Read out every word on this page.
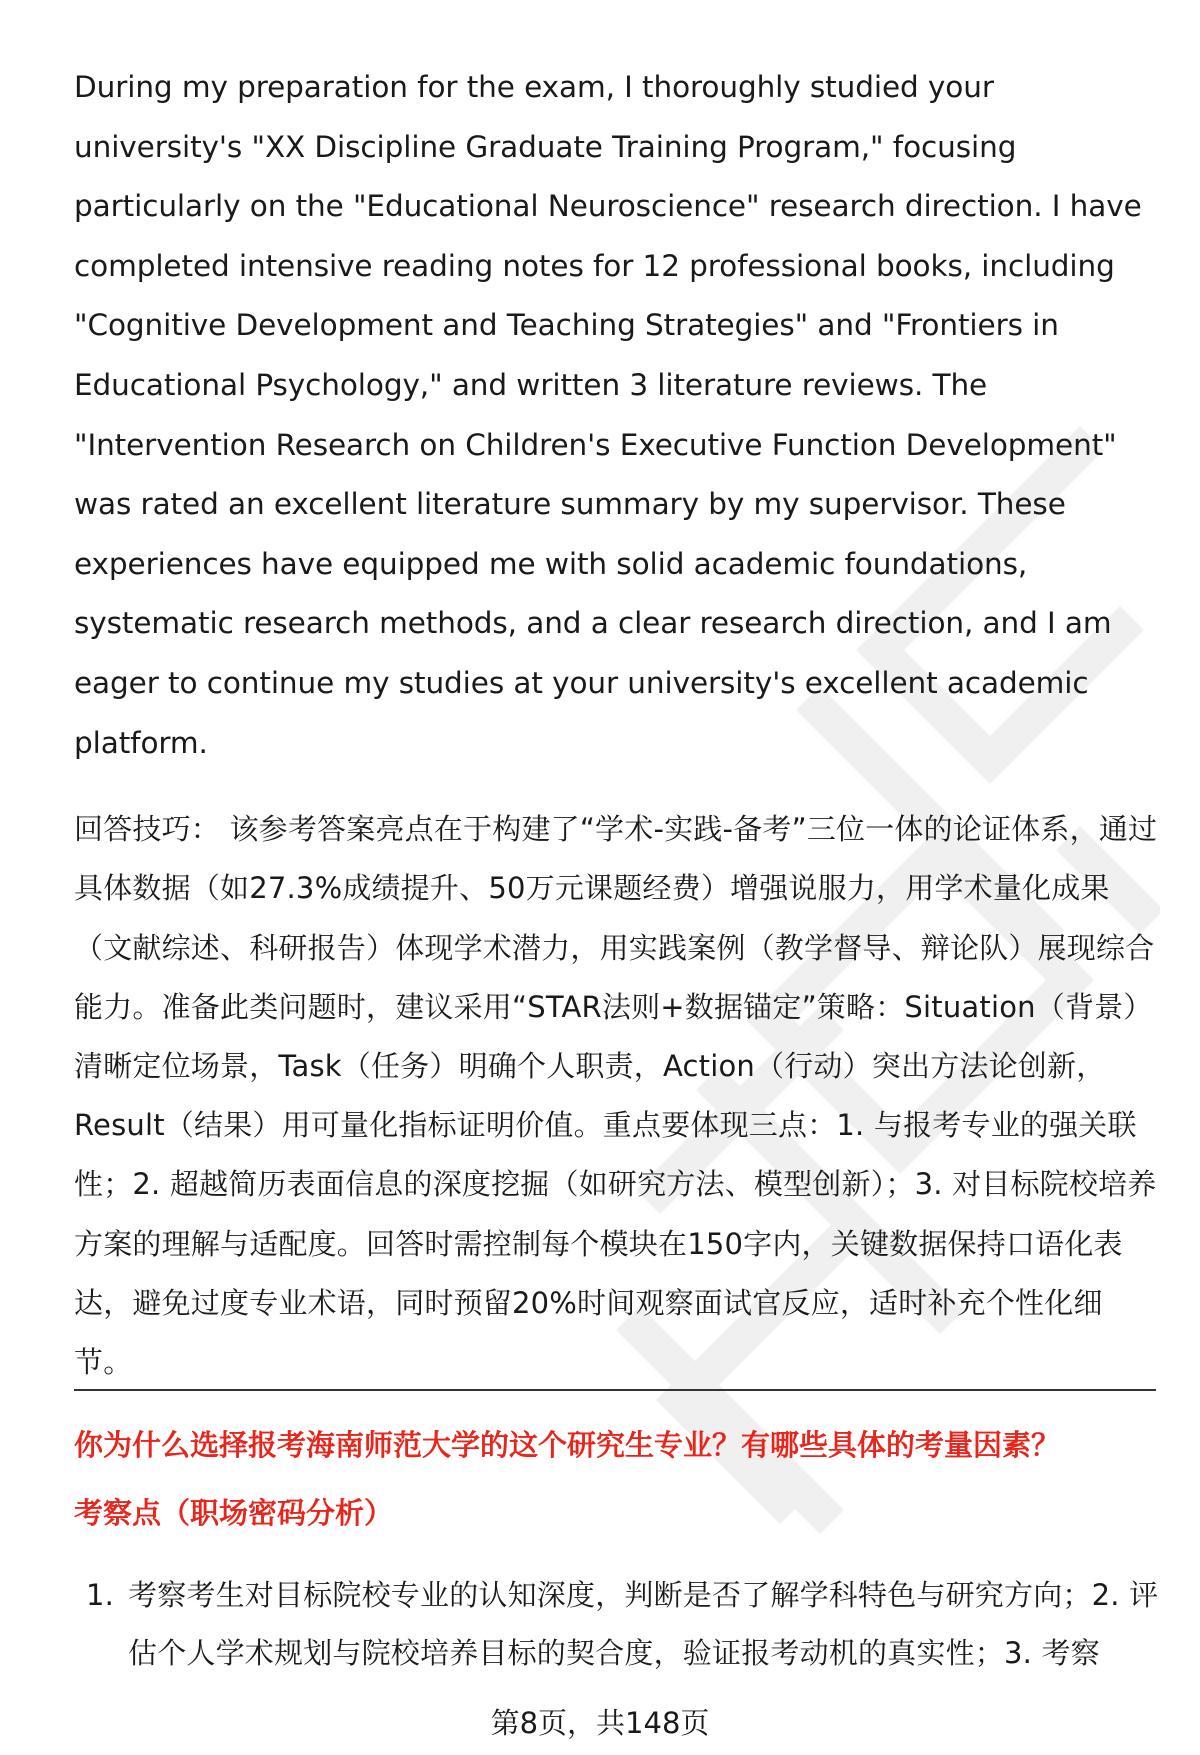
During my preparation for the exam, I thoroughly studied your university's "XX Discipline Graduate Training Program," focusing particularly on the "Educational Neuroscience" research direction. I have completed intensive reading notes for 12 professional books, including "Cognitive Development and Teaching Strategies" and "Frontiers in Educational Psychology," and written 3 literature reviews. The "Intervention Research on Children's Executive Function Development" was rated an excellent literature summary by my supervisor. These experiences have equipped me with solid academic foundations, systematic research methods, and a clear research direction, and I am eager to continue my studies at your university's excellent academic platform.

回答技巧： 该参考答案亮点在于构建了“学术-实践-备考”三位一体的论证体系，通过具体数据（如27.3%成绩提升、50万元课题经费）增强说服力，用学术量化成果（文献综述、科研报告）体现学术潜力，用实践案例（教学督导、辩论队）展现综合能力。准备此类问题时，建议采用“STAR法则+数据锚定”策略：Situation（背景）清晰定位场景，Task（任务）明确个人职责，Action（行动）突出方法论创新，Result（结果）用可量化指标证明价值。重点要体现三点：1. 与报考专业的强关联性；2. 超越简历表面信息的深度挖掘（如研究方法、模型创新）；3. 对目标院校培养方案的理解与适配度。回答时需控制每个模块在150字内，关键数据保持口语化表达，避免过度专业术语，同时预留20%时间观察面试官反应，适时补充个性化细节。

你为什么选择报考海南师范大学的这个研究生专业？有哪些具体的考量因素？

考察点（职场密码分析）

1. 考察考生对目标院校专业的认知深度，判断是否了解学科特色与研究方向；2. 评估个人学术规划与院校培养目标的契合度，验证报考动机的真实性；3. 考察
第8页，共148页
